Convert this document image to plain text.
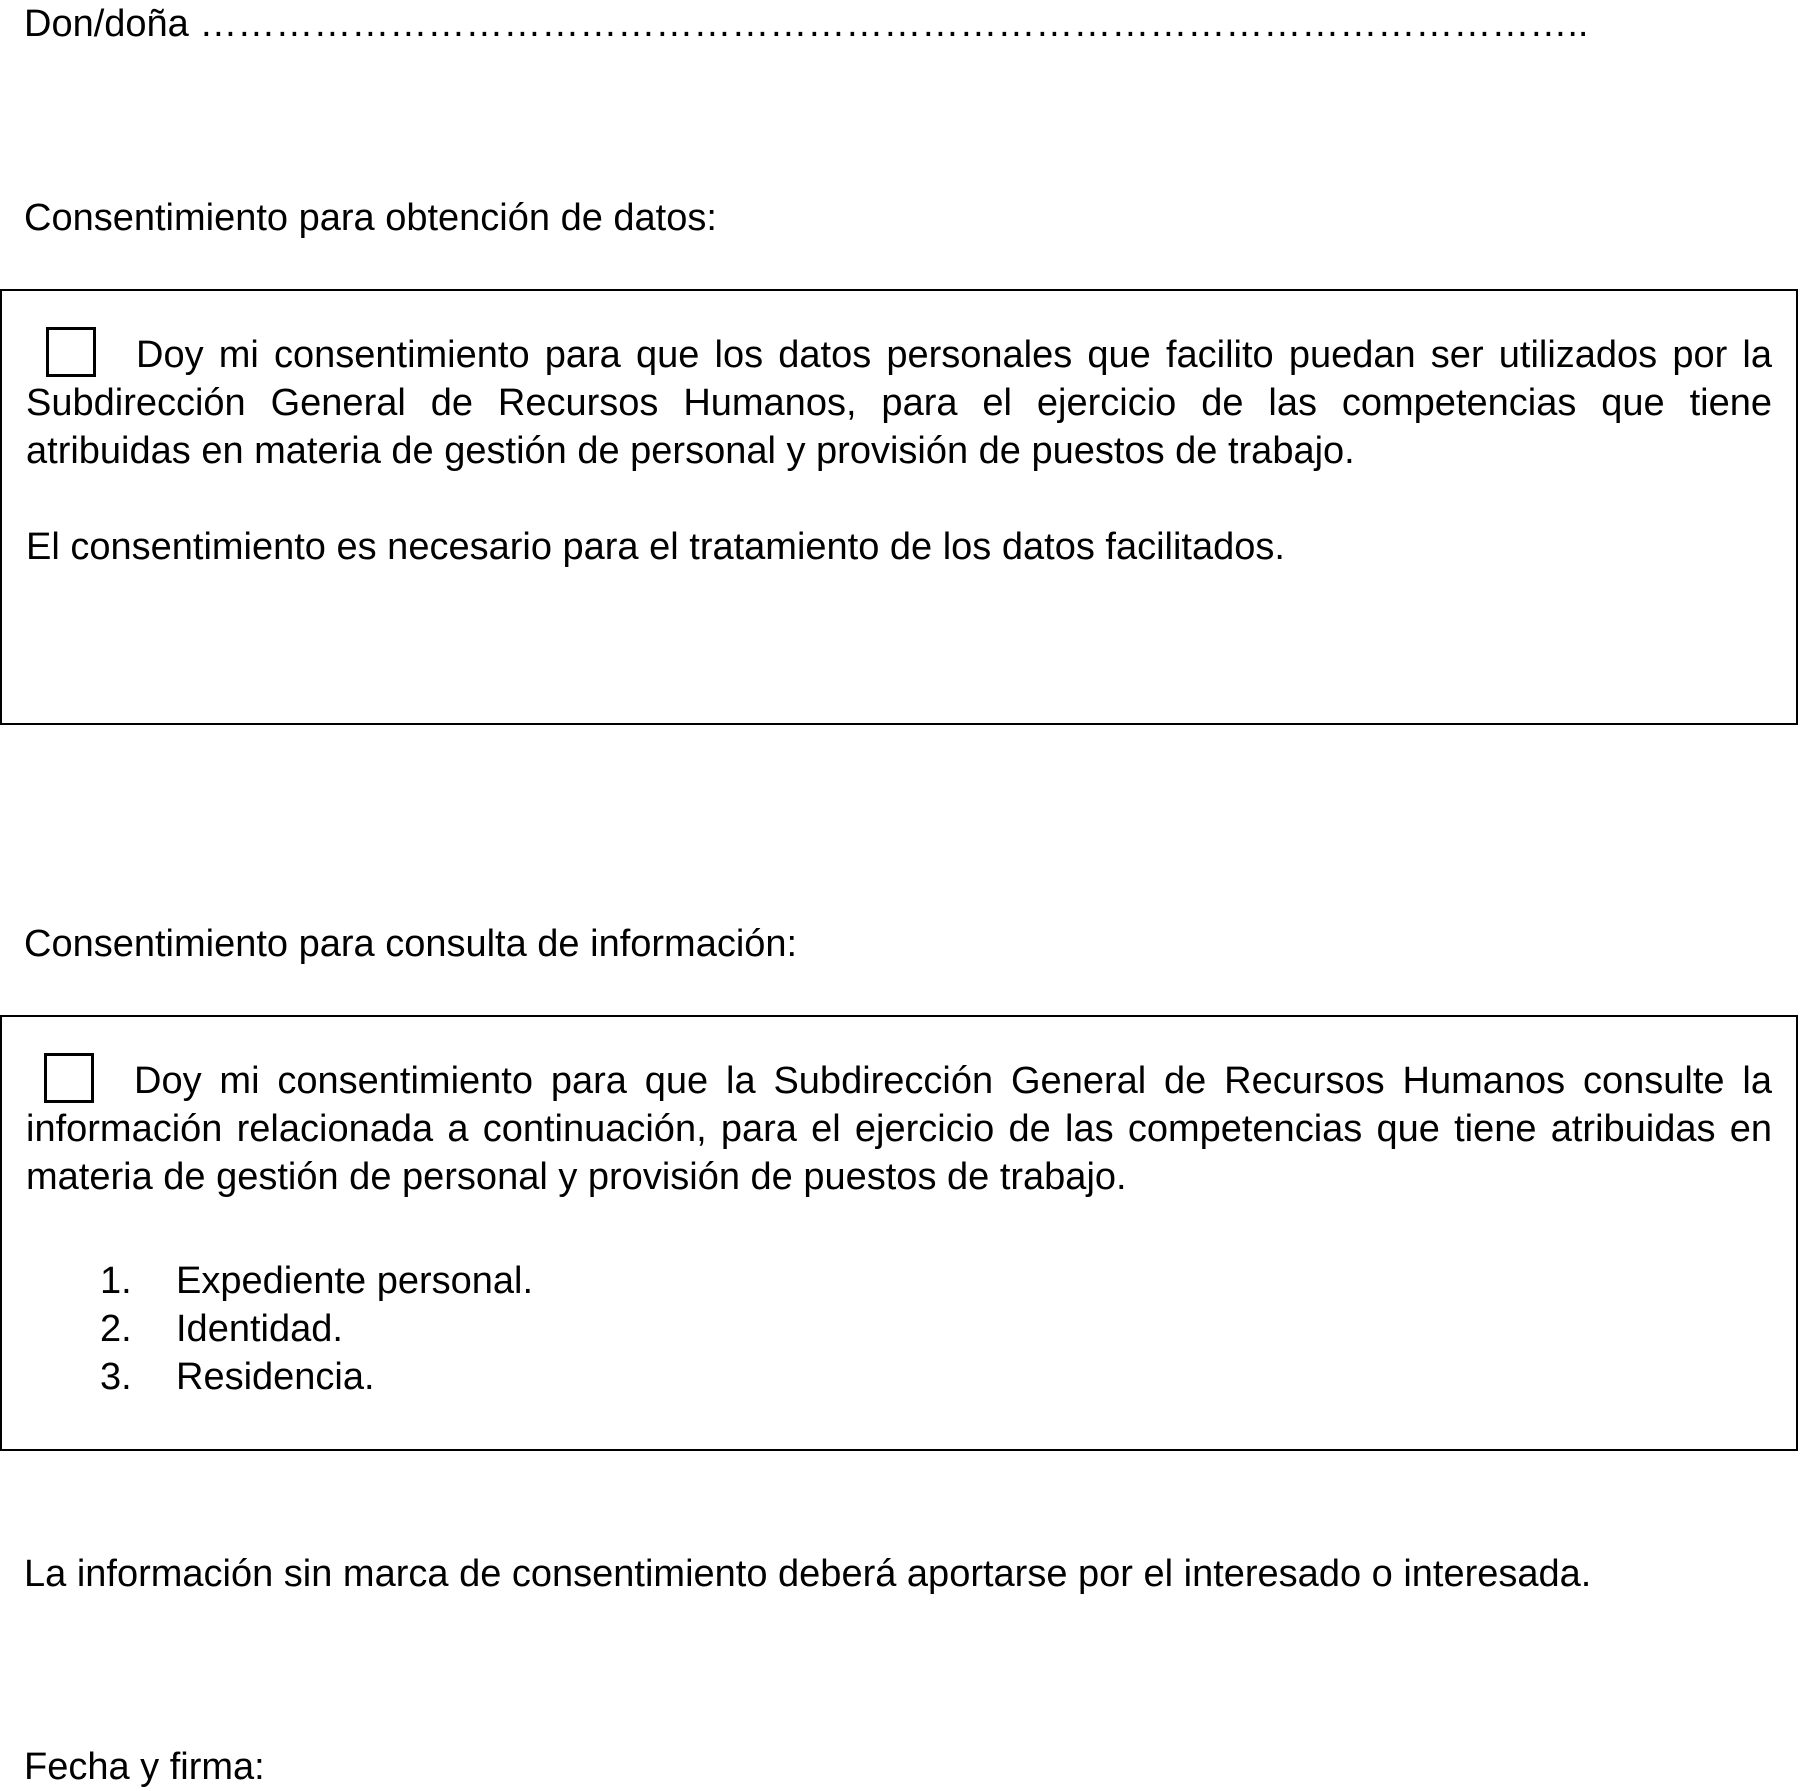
Don/doña ………………………………………………………………………………………………..
Consentimiento para obtención de datos:
Doy mi consentimiento para que los datos personales que facilito puedan ser utilizados por la Subdirección General de Recursos Humanos, para el ejercicio de las competencias que tiene atribuidas en materia de gestión de personal y provisión de puestos de trabajo.
El consentimiento es necesario para el tratamiento de los datos facilitados.
Consentimiento para consulta de información:
Doy mi consentimiento para que la Subdirección General de Recursos Humanos consulte la información relacionada a continuación, para el ejercicio de las competencias que tiene atribuidas en materia de gestión de personal y provisión de puestos de trabajo.
1. Expediente personal.
2. Identidad.
3. Residencia.
La información sin marca de consentimiento deberá aportarse por el interesado o interesada.
Fecha y firma:
